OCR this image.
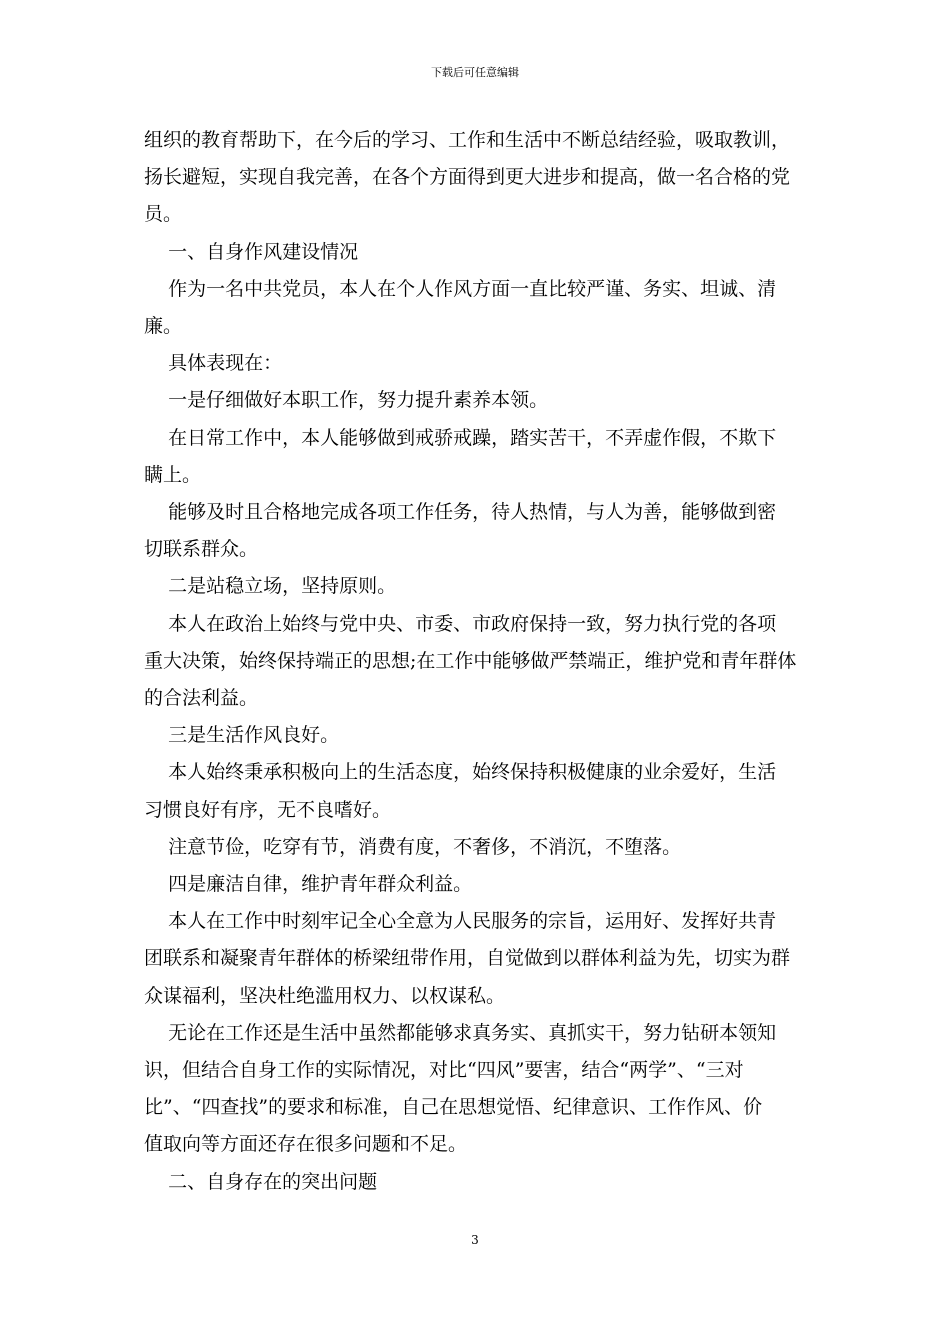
下载后可任意编辑

组织的教育帮助下，在今后的学习、工作和生活中不断总结经验，吸取教训，

扬长避短，实现自我完善，在各个方面得到更大进步和提高，做一名合格的党

员。

一、自身作风建设情况

作为一名中共党员，本人在个人作风方面一直比较严谨、务实、坦诚、清

廉。

具体表现在：

一是仔细做好本职工作，努力提升素养本领。

在日常工作中，本人能够做到戒骄戒躁，踏实苦干，不弄虚作假，不欺下

瞒上。

能够及时且合格地完成各项工作任务，待人热情，与人为善，能够做到密

切联系群众。

二是站稳立场，坚持原则。

本人在政治上始终与党中央、市委、市政府保持一致，努力执行党的各项

重大决策，始终保持端正的思想;在工作中能够做严禁端正，维护党和青年群体

的合法利益。

三是生活作风良好。

本人始终秉承积极向上的生活态度，始终保持积极健康的业余爱好，生活

习惯良好有序，无不良嗜好。

注意节俭，吃穿有节，消费有度，不奢侈，不消沉，不堕落。

四是廉洁自律，维护青年群众利益。

本人在工作中时刻牢记全心全意为人民服务的宗旨，运用好、发挥好共青

团联系和凝聚青年群体的桥梁纽带作用，自觉做到以群体利益为先，切实为群

众谋福利，坚决杜绝滥用权力、以权谋私。

无论在工作还是生活中虽然都能够求真务实、真抓实干，努力钻研本领知

识，但结合自身工作的实际情况，对比“四风”要害，结合“两学”、“三对

比”、“四查找”的要求和标准，自己在思想觉悟、纪律意识、工作作风、价

值取向等方面还存在很多问题和不足。

二、自身存在的突出问题

3
